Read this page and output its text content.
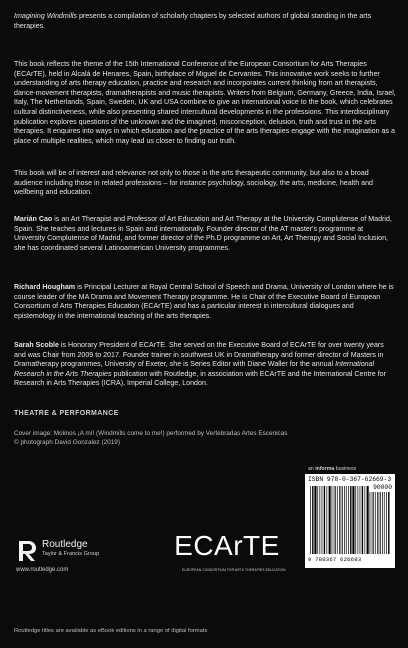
Imagining Windmills presents a compilation of scholarly chapters by selected authors of global standing in the arts therapies.

This book reflects the theme of the 15th International Conference of the European Consortium for Arts Therapies (ECArTE), held in Alcalá de Henares, Spain, birthplace of Miguel de Cervantes. This innovative work seeks to further understanding of arts therapy education, practice and research and incorporates current thinking from art therapists, dance-movement therapists, dramatherapists and music therapists. Writers from Belgium, Germany, Greece, India, Israel, Italy, The Netherlands, Spain, Sweden, UK and USA combine to give an international voice to the book, which celebrates cultural distinctiveness, while also presenting shared intercultural developments in the professions. This interdisciplinary publication explores questions of the unknown and the imagined, misconception, delusion, truth and trust in the arts therapies. It enquires into ways in which education and the practice of the arts therapies engage with the imagination as a place of multiple realities, which may lead us closer to finding our truth.

This book will be of interest and relevance not only to those in the arts therapeutic community, but also to a broad audience including those in related professions – for instance psychology, sociology, the arts, medicine, health and wellbeing and education.

Marián Cao is an Art Therapist and Professor of Art Education and Art Therapy at the University Complutense of Madrid, Spain. She teaches and lectures in Spain and internationally. Founder director of the AT master's programme at University Complutense of Madrid, and former director of the Ph.D programme on Art, Art Therapy and Social Inclusion, she has coordinated several Latinoamerican University programmes.

Richard Hougham is Principal Lecturer at Royal Central School of Speech and Drama, University of London where he is course leader of the MA Drama and Movement Therapy programme. He is Chair of the Executive Board of European Consortium of Arts Therapies Education (ECArTE) and has a particular interest in intercultural dialogues and epistemology in the international teaching of the arts therapies.

Sarah Scoble is Honorary President of ECArTE. She served on the Executive Board of ECArTE for over twenty years and was Chair from 2009 to 2017. Founder trainer in southwest UK in Dramatherapy and former director of Masters in Dramatherapy programmes, University of Exeter, she is Series Editor with Diane Waller for the annual International Research in the Arts Therapies publication with Routledge, in association with ECArTE and the International Centre for Research in Arts Therapies (ICRA), Imperial College, London.

THEATRE & PERFORMANCE
Cover image: Molinos ¡A mí! (Windmills come to me!) performed by Vertebradas Artes Escenicas
© photograph David Gonzalez (2019)
an informa business
ISBN 978-0-367-62669-3
90000
9 780367 626693
Routledge
Taylor & Francis Group
www.routledge.com
ECArTE
EUROPEAN CONSORTIUM FOR ARTS THERAPIES EDUCATION
Routledge titles are available as eBook editions in a range of digital formats
